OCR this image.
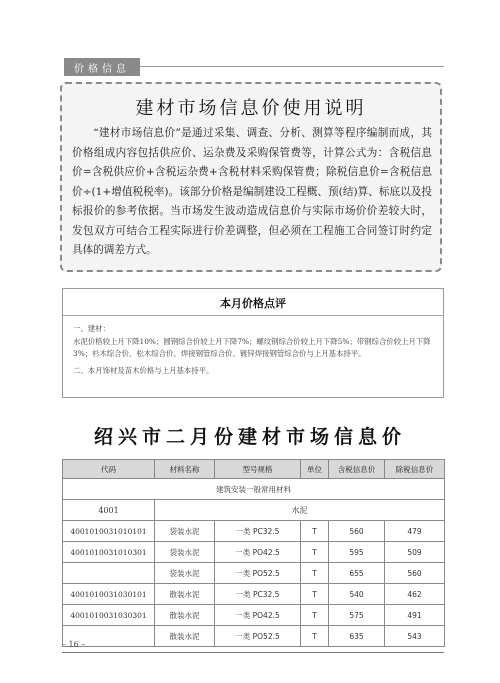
价格信息
建材市场信息价使用说明

“建材市场信息价”是通过采集、调查、分析、测算等程序编制而成，其价格组成内容包括供应价、运杂费及采购保管费等，计算公式为：含税信息价=含税供应价+含税运杂费+含税材料采购保管费；除税信息价=含税信息价÷(1+增值税税率)。该部分价格是编制建设工程概、预(结)算、标底以及投标报价的参考依据。当市场发生波动造成信息价与实际市场价价差较大时，发包双方可结合工程实际进行价差调整，但必须在工程施工合同签订时约定具体的调差方式。

本月价格点评

一、建材：

水泥价格较上月下降10%；圆钢综合价较上月下降7%；螺纹钢综合价较上月下降5%；带钢综合价较上月下降3%；杉木综合价、松木综合价、焊接钢管综合价、镀锌焊接钢管综合价与上月基本持平。

二、本月饰材及苗木价格与上月基本持平。

绍兴市二月份建材市场信息价
代码	材料名称	型号规格	单位	含税信息价	除税信息价
建筑安装一般常用材料					
4001	水泥				
4001010031010101	袋装水泥	一类 PC32.5	T	560	479
4001010031010301	袋装水泥	一类 PO42.5	T	595	509
	袋装水泥	一类 PO52.5	T	655	560
4001010031030101	散装水泥	一类 PC32.5	T	540	462
4001010031030301	散装水泥	一类 PO42.5	T	575	491
	散装水泥	一类 PO52.5	T	635	543
– 16 –
